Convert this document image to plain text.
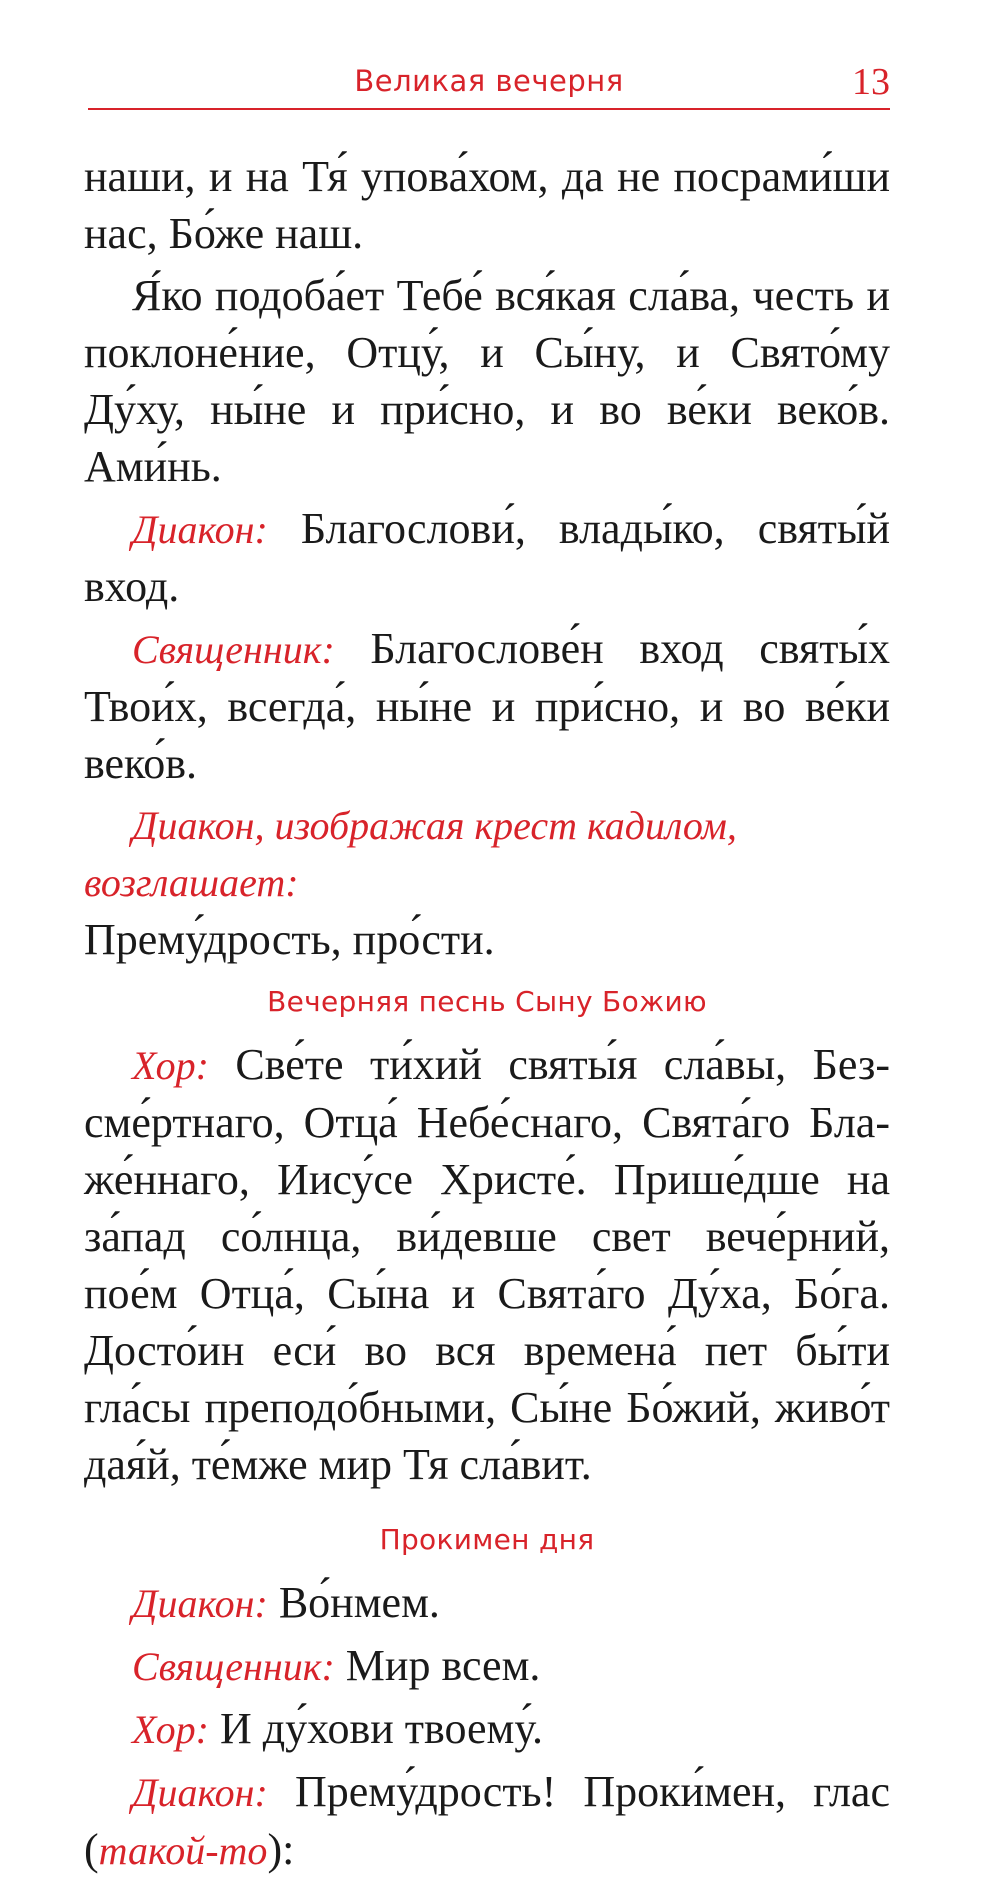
Великая вечерня	13

наши, и на Тя́ упова́хом, да не посрами́ши нас, Бо́же наш.

Я́ко подоба́ет Тебе́ вся́кая сла́ва, честь и поклоне́ние, Отцу́, и Сы́ну, и Свято́му Ду́ху, ны́не и при́сно, и во ве́ки веко́в. Ами́нь.

Диакон: Благослови́, влады́ко, святы́й вход.

Священник: Благослове́н вход святы́х Твои́х, всегда́, ны́не и при́сно, и во ве́ки веко́в.

Диакон, изображая крест кадилом, возглашает:

Прему́дрость, про́сти.

Вечерняя песнь Сыну Божию

Хор: Све́те ти́хий святы́я сла́вы, Безсме́ртнаго, Отца́ Небе́снаго, Свята́го Блаже́ннаго, Иису́се Христе́. Прише́дше на за́пад со́лнца, ви́девше свет вече́рний, пое́м Отца́, Сы́на и Свята́го Ду́ха, Бо́га. Досто́ин еси́ во вся времена́ пет бы́ти гла́сы преподо́бными, Сы́не Бо́жий, живо́т дая́й, те́мже мир Тя сла́вит.

Прокимен дня

Диакон: Во́нмем.

Священник: Мир всем.

Хор: И ду́хови твоему́.

Диакон: Прему́дрость! Проки́мен, глас (такой-то):
